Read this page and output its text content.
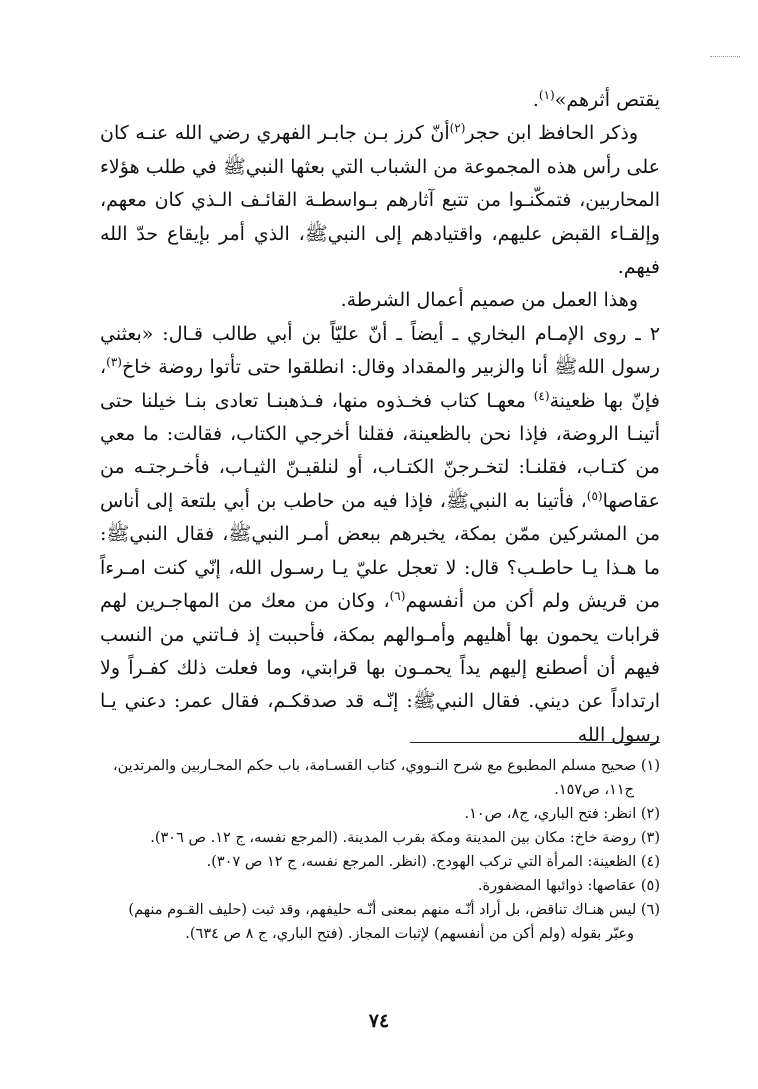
يقتص أثرهم»$^{(١)}$.

وذكر الحافظ ابن حجر$^{(٢)}$أنّ كرز بـن جابـر الفهري رضي الله عنـه كان على رأس هذه المجموعة من الشباب التي بعثها النبيﷺ في طلب هؤلاء المحاربين، فتمكّنـوا من تتبع آثارهم بـواسطـة القائـف الـذي كان معهم، وإلقـاء القبض عليهم، واقتيادهم إلى النبيﷺ، الذي أمر بإيقاع حدّ الله فيهم.

وهذا العمل من صميم أعمال الشرطة.

٢ ـ روى الإمـام البخاري ـ أيضاً ـ أنّ عليّاً بن أبي طالب قـال: «بعثني رسول اللهﷺ أنا والزبير والمقداد وقال: انطلقوا حتى تأتوا روضة خاخ$^{(٣)}$، فإنّ بها ظعينة$^{(٤)}$ معهـا كتاب فخـذوه منها، فـذهبنـا تعادى بنـا خيلنا حتى أتينـا الروضة، فإذا نحن بالظعينة، فقلنا أخرجي الكتاب، فقالت: ما معي من كتـاب، فقلنـا: لتخـرجنّ الكتـاب، أو لنلقيـنّ الثيـاب، فأخـرجتـه من عقاصها$^{(٥)}$، فأتينا به النبيﷺ، فإذا فيه من حاطب بن أبي بلتعة إلى أناس من المشركين ممّن بمكة، يخبرهم ببعض أمـر النبيﷺ، فقال النبيﷺ: ما هـذا يـا حاطـب؟ قال: لا تعجل عليّ يـا رسـول الله، إنّي كنت امـرءاً من قريش ولم أكن من أنفسهم$^{(٦)}$، وكان من معك من المهاجـرين لهم قرابات يحمون بها أهليهم وأمـوالهم بمكة، فأحببت إذ فـاتني من النسب فيهم أن أصطنع إليهم يداً يحمـون بها قرابتي، وما فعلت ذلك كفـراً ولا ارتداداً عن ديني. فقال النبيﷺ: إنّـه قد صدقكـم، فقال عمر: دعني يـا رسول الله

(١) صحيح مسلم المطبوع مع شرح النـووي، كتاب القسـامة، باب حكم المحـاربين والمرتدين،

ج١١، ص١٥٧.

(٢) انظر: فتح الباري، ج٨، ص١٠.

(٣) روضة خاخ: مكان بين المدينة ومكة بقرب المدينة. (المرجع نفسه، ج ١٢. ص ٣٠٦).

(٤) الظعينة: المرأة التي تركب الهودج. (انظر. المرجع نفسه، ج ١٢ ص ٣٠٧).

(٥) عقاصها: ذوائبها المضفورة.

(٦) ليس هنـاك تناقض، بل أراد أنّـه منهم بمعنى أنّـه حليفهم، وقد ثبت (حليف القـوم منهم)

وعبّر بقوله (ولم أكن من أنفسهم) لإثبات المجاز. (فتح الباري، ج ٨ ص ٦٣٤).

٧٤
